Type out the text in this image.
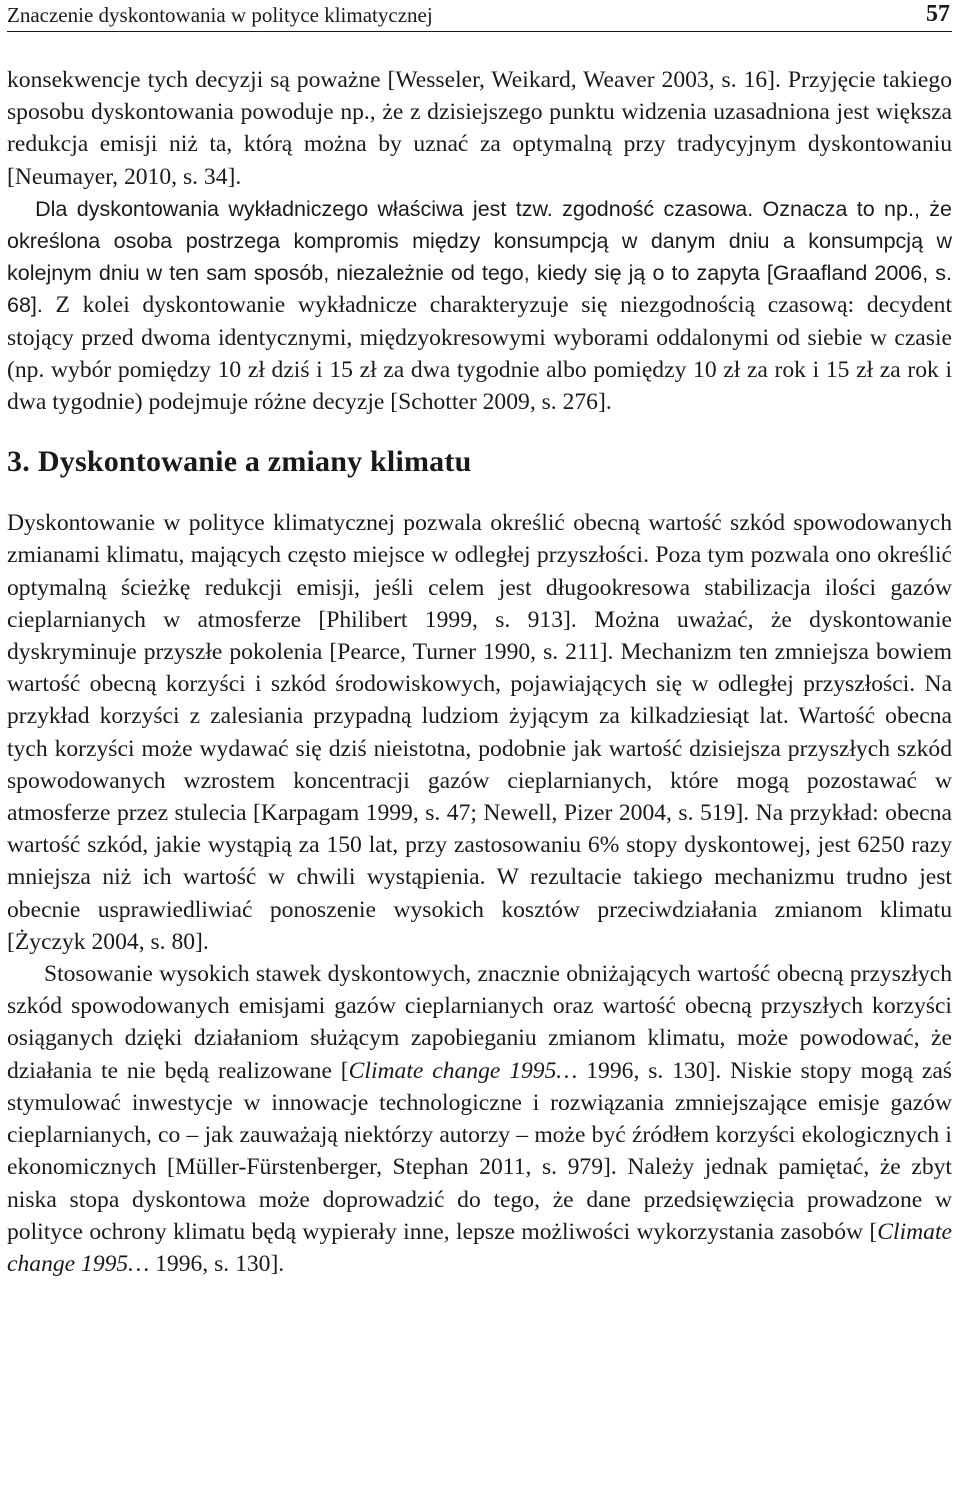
Znaczenie dyskontowania w polityce klimatycznej	57

konsekwencje tych decyzji są poważne [Wesseler, Weikard, Weaver 2003, s. 16]. Przyjęcie takiego sposobu dyskontowania powoduje np., że z dzisiejszego punktu widzenia uzasadniona jest większa redukcja emisji niż ta, którą można by uznać za optymalną przy tradycyjnym dyskontowaniu [Neumayer, 2010, s. 34].
Dla dyskontowania wykładniczego właściwa jest tzw. zgodność czasowa. Oznacza to np., że określona osoba postrzega kompromis między konsumpcją w danym dniu a konsumpcją w kolejnym dniu w ten sam sposób, niezależnie od tego, kiedy się ją o to zapyta [Graafland 2006, s. 68]. Z kolei dyskontowanie wykładnicze charakteryzuje się niezgodnością czasową: decydent stojący przed dwoma identycznymi, międzyokresowymi wyborami oddalonymi od siebie w czasie (np. wybór pomiędzy 10 zł dziś i 15 zł za dwa tygodnie albo pomiędzy 10 zł za rok i 15 zł za rok i dwa tygodnie) podejmuje różne decyzje [Schotter 2009, s. 276].

3. Dyskontowanie a zmiany klimatu

Dyskontowanie w polityce klimatycznej pozwala określić obecną wartość szkód spowodowanych zmianami klimatu, mających często miejsce w odległej przyszłości. Poza tym pozwala ono określić optymalną ścieżkę redukcji emisji, jeśli celem jest długookresowa stabilizacja ilości gazów cieplarnianych w atmosferze [Philibert 1999, s. 913]. Można uważać, że dyskontowanie dyskryminuje przyszłe pokolenia [Pearce, Turner 1990, s. 211]. Mechanizm ten zmniejsza bowiem wartość obecną korzyści i szkód środowiskowych, pojawiających się w odległej przyszłości. Na przykład korzyści z zalesiania przypadną ludziom żyjącym za kilkadziesiąt lat. Wartość obecna tych korzyści może wydawać się dziś nieistotna, podobnie jak wartość dzisiejsza przyszłych szkód spowodowanych wzrostem koncentracji gazów cieplarnianych, które mogą pozostawać w atmosferze przez stulecia [Karpagam 1999, s. 47; Newell, Pizer 2004, s. 519]. Na przykład: obecna wartość szkód, jakie wystąpią za 150 lat, przy zastosowaniu 6% stopy dyskontowej, jest 6250 razy mniejsza niż ich wartość w chwili wystąpienia. W rezultacie takiego mechanizmu trudno jest obecnie usprawiedliwiać ponoszenie wysokich kosztów przeciwdziałania zmianom klimatu [Życzyk 2004, s. 80].

Stosowanie wysokich stawek dyskontowych, znacznie obniżających wartość obecną przyszłych szkód spowodowanych emisjami gazów cieplarnianych oraz wartość obecną przyszłych korzyści osiąganych dzięki działaniom służącym zapobieganiu zmianom klimatu, może powodować, że działania te nie będą realizowane [Climate change 1995… 1996, s. 130]. Niskie stopy mogą zaś stymulować inwestycje w innowacje technologiczne i rozwiązania zmniejszające emisje gazów cieplarnianych, co – jak zauważają niektórzy autorzy – może być źródłem korzyści ekologicznych i ekonomicznych [Müller-Fürstenberger, Stephan 2011, s. 979]. Należy jednak pamiętać, że zbyt niska stopa dyskontowa może doprowadzić do tego, że dane przedsięwzięcia prowadzone w polityce ochrony klimatu będą wypierały inne, lepsze możliwości wykorzystania zasobów [Climate change 1995… 1996, s. 130].
